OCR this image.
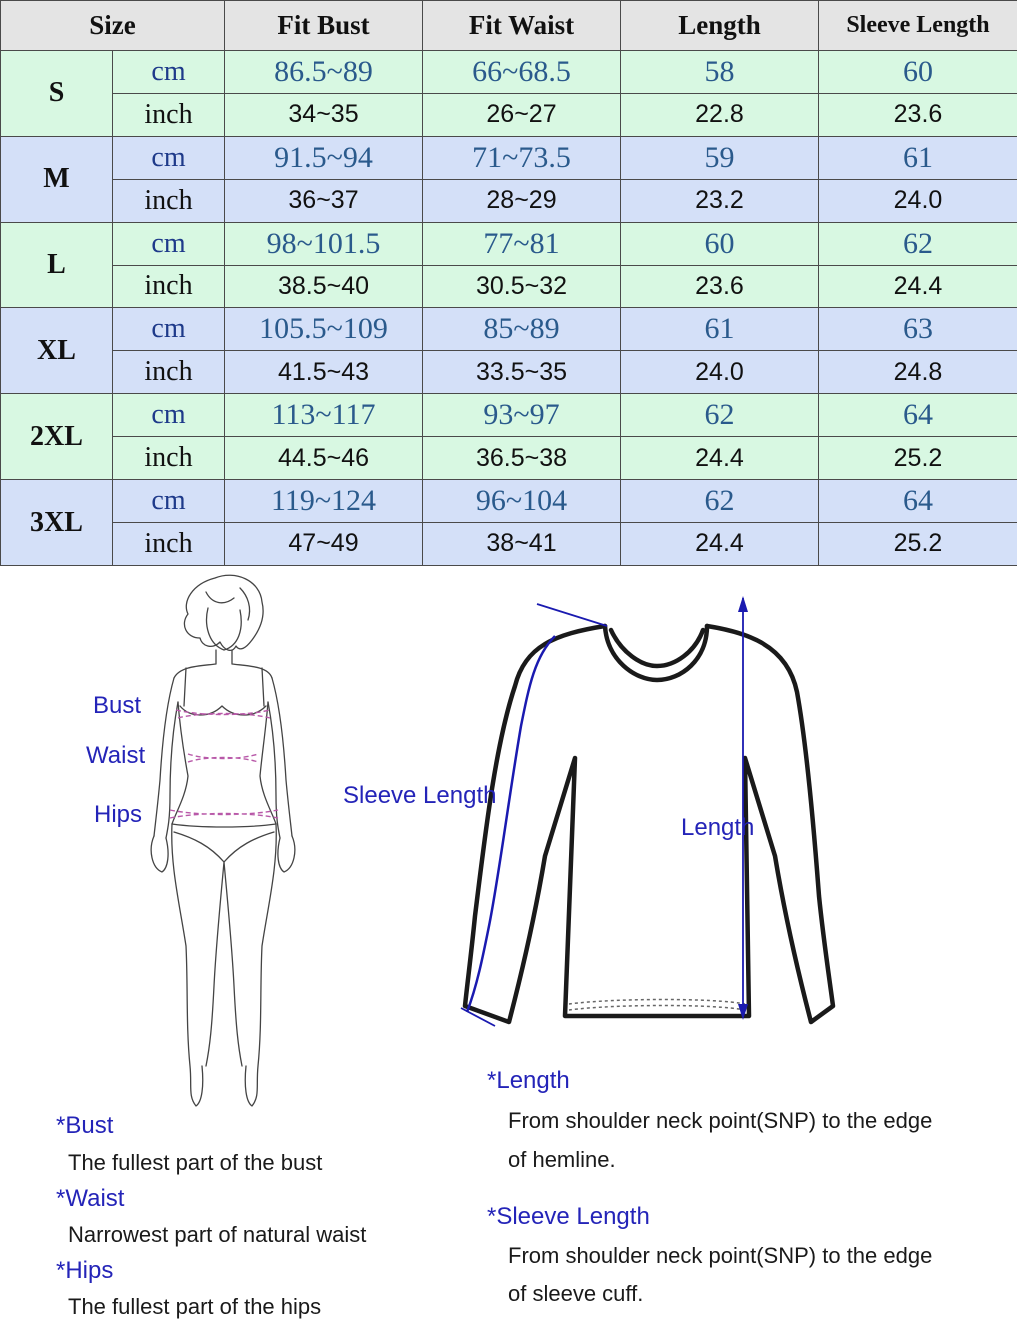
Size		Fit Bust	Fit Waist	Length	Sleeve Length
S	cm	86.5~89	66~68.5	58	60
	inch	34~35	26~27	22.8	23.6
M	cm	91.5~94	71~73.5	59	61
	inch	36~37	28~29	23.2	24.0
L	cm	98~101.5	77~81	60	62
	inch	38.5~40	30.5~32	23.6	24.4
XL	cm	105.5~109	85~89	61	63
	inch	41.5~43	33.5~35	24.0	24.8
2XL	cm	113~117	93~97	62	64
	inch	44.5~46	36.5~38	24.4	25.2
3XL	cm	119~124	96~104	62	64
	inch	47~49	38~41	24.4	25.2
Bust
Waist
Hips
Sleeve Length
Length
*Bust
The fullest part of the bust
*Waist
Narrowest part of natural waist
*Hips
The fullest part of the hips
*Length
From shoulder neck point(SNP) to the edge
of hemline.
*Sleeve Length
From shoulder neck point(SNP) to the edge
of sleeve cuff.
